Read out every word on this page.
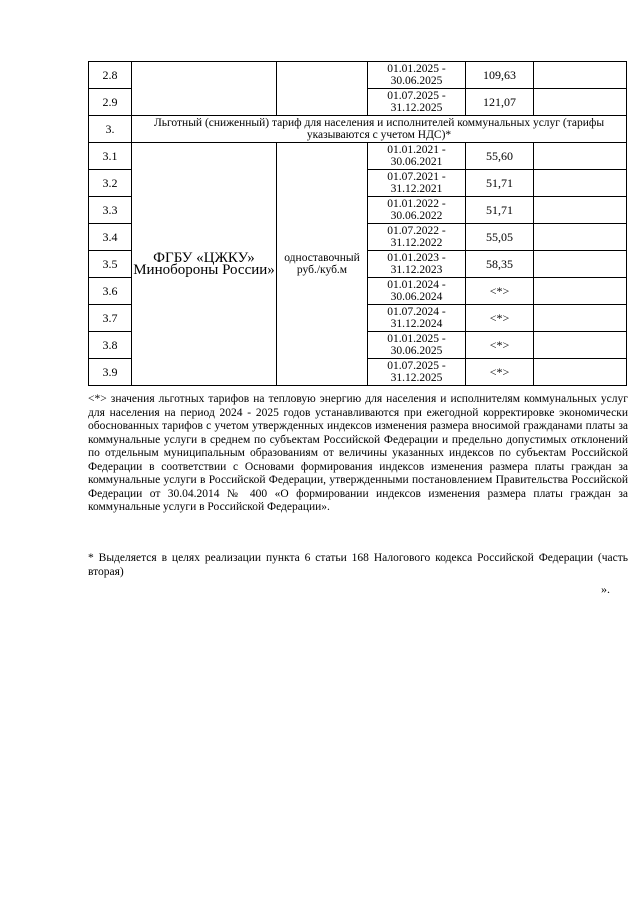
2.8			01.01.2025 - 30.06.2025	109,63	
2.9			01.07.2025 - 31.12.2025	121,07	
3.	Льготный (сниженный) тариф для населения и исполнителей коммунальных услуг (тарифы указываются с учетом НДС)*				
3.1	ФГБУ «ЦЖКУ» Минобороны России»	одноставочный руб./куб.м	01.01.2021 - 30.06.2021	55,60	
3.2			01.07.2021 - 31.12.2021	51,71	
3.3			01.01.2022 - 30.06.2022	51,71	
3.4			01.07.2022 - 31.12.2022	55,05	
3.5			01.01.2023 - 31.12.2023	58,35	
3.6			01.01.2024 - 30.06.2024	<*>	
3.7			01.07.2024 - 31.12.2024	<*>	
3.8			01.01.2025 - 30.06.2025	<*>	
3.9			01.07.2025 - 31.12.2025	<*>	

<*> значения льготных тарифов на тепловую энергию для населения и исполнителям коммунальных услуг для населения на период 2024 - 2025 годов устанавливаются при ежегодной корректировке экономически обоснованных тарифов с учетом утвержденных индексов изменения размера вносимой гражданами платы за коммунальные услуги в среднем по субъектам Российской Федерации и предельно допустимых отклонений по отдельным муниципальным образованиям от величины указанных индексов по субъектам Российской Федерации в соответствии с Основами формирования индексов изменения размера платы граждан за коммунальные услуги в Российской Федерации, утвержденными постановлением Правительства Российской Федерации от 30.04.2014 № 400 «О формировании индексов изменения размера платы граждан за коммунальные услуги в Российской Федерации».

* Выделяется в целях реализации пункта 6 статьи 168 Налогового кодекса Российской Федерации (часть вторая)

».
